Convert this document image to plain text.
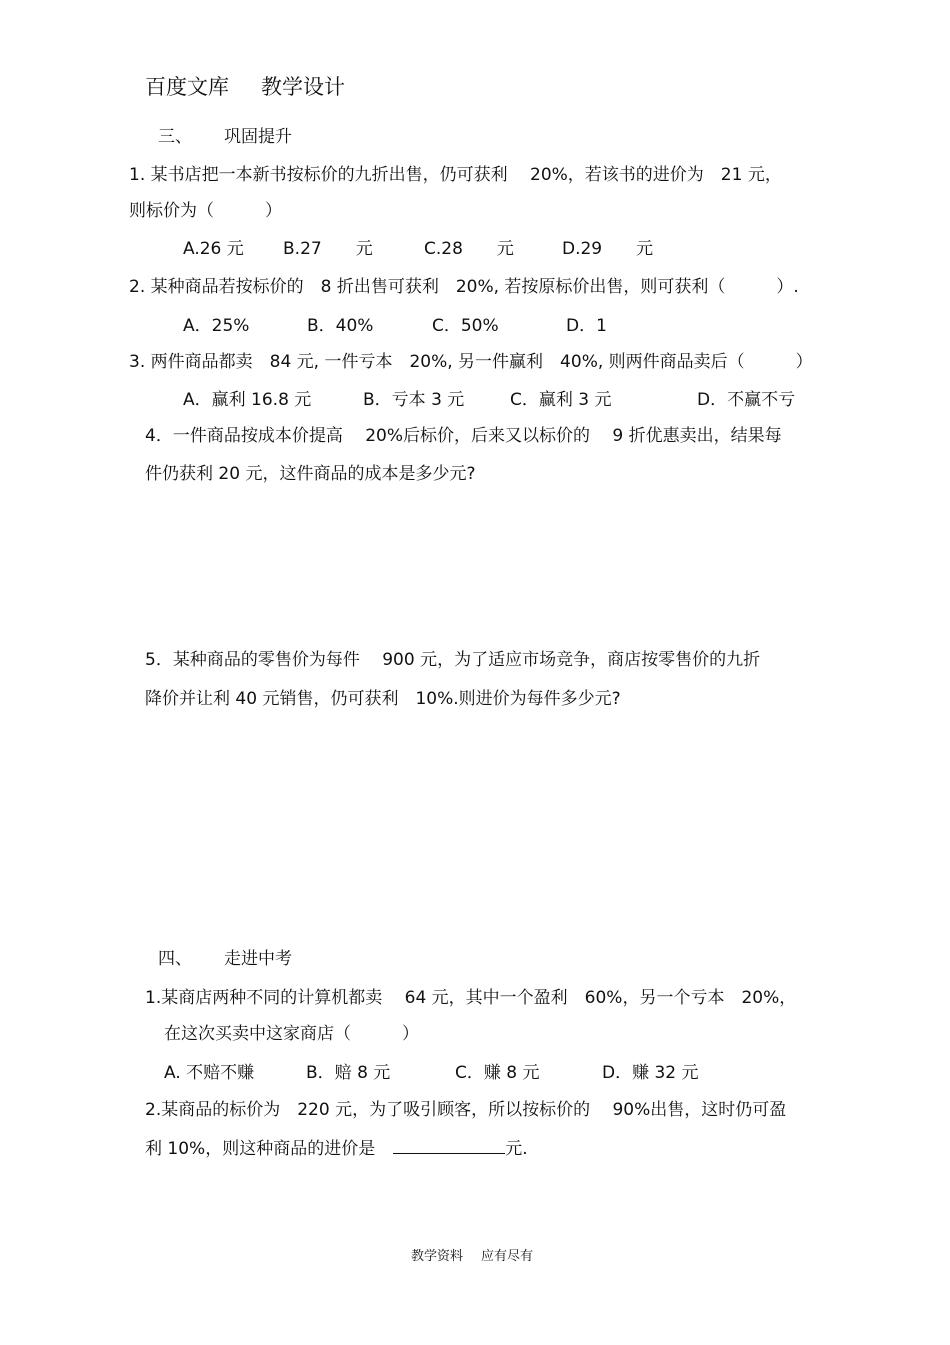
百度文库 教学设计
三、 巩固提升
1. 某书店把一本新书按标价的九折出售，仍可获利　 20%，若该书的进价为　21 元，
则标价为（　　　）
A.26 元 B.27　　元	C.28　　元	D.29　　元
2. 某种商品若按标价的　8 折出售可获利　20%, 若按原标价出售，则可获利（　　　）.
A．25%	B．40%	C．50%	D．1
3. 两件商品都卖　84 元, 一件亏本　20%, 另一件赢利　40%, 则两件商品卖后（　　　）
A．赢利 16.8 元	B．亏本 3 元	C．赢利 3 元	D．不赢不亏
4．一件商品按成本价提高　 20%后标价，后来又以标价的　 9 折优惠卖出，结果每
件仍获利 20 元，这件商品的成本是多少元?
5．某种商品的零售价为每件　 900 元，为了适应市场竞争，商店按零售价的九折
降价并让利 40 元销售，仍可获利　10%.则进价为每件多少元?
四、 走进中考
1.某商店两种不同的计算机都卖　 64 元，其中一个盈利　60%，另一个亏本　20%，
在这次买卖中这家商店（　　　）
A. 不赔不赚	B．赔 8 元	C．赚 8 元	D．赚 32 元
2.某商品的标价为　220 元，为了吸引顾客，所以按标价的　 90%出售，这时仍可盈
利 10%，则这种商品的进价是	元.
教学资料 应有尽有
